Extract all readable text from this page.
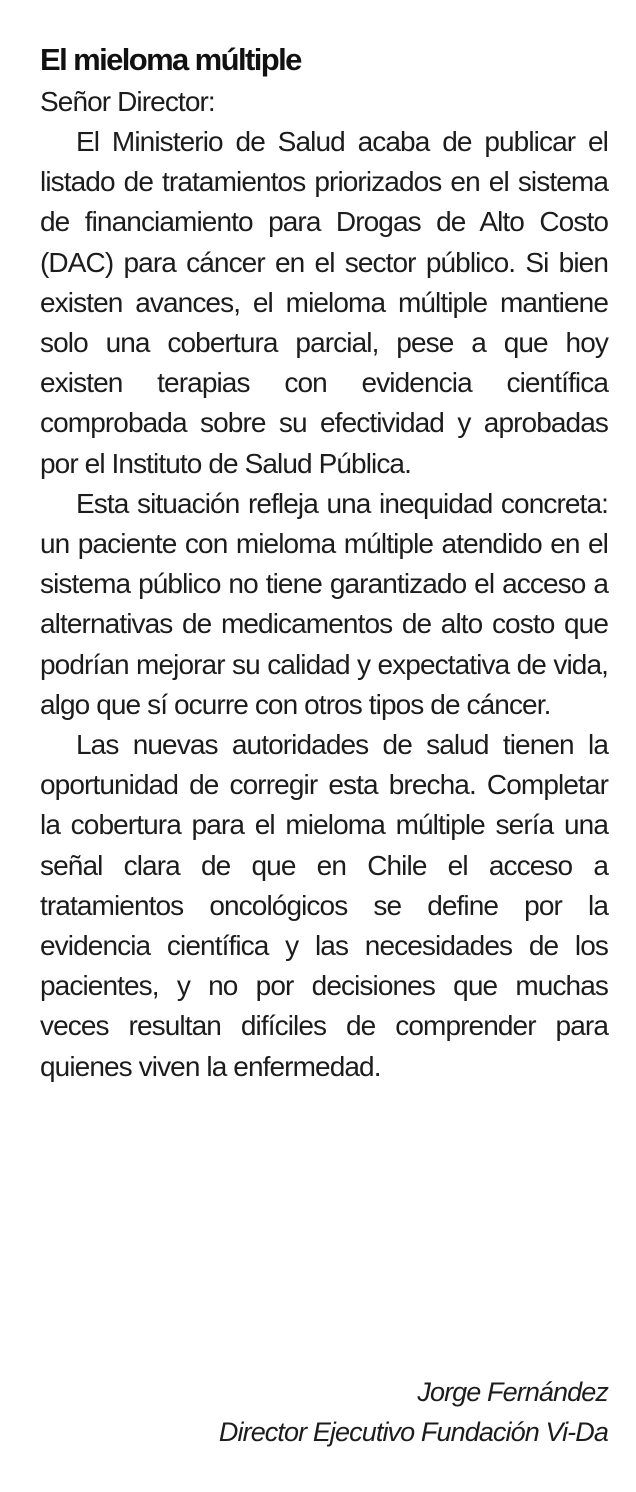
El mieloma múltiple

Señor Director:

El Ministerio de Salud acaba de publicar el listado de tratamientos priorizados en el sistema de financiamiento para Drogas de Alto Costo (DAC) para cáncer en el sector público. Si bien existen avances, el mieloma múltiple mantiene solo una cobertura parcial, pese a que hoy existen terapias con evidencia científica comprobada sobre su efectividad y aprobadas por el Instituto de Salud Pública.

Esta situación refleja una inequidad concreta: un paciente con mieloma múltiple atendido en el sistema público no tiene garantizado el acceso a alternativas de medicamentos de alto costo que podrían mejorar su calidad y expectativa de vida, algo que sí ocurre con otros tipos de cáncer.

Las nuevas autoridades de salud tienen la oportunidad de corregir esta brecha. Completar la cobertura para el mieloma múltiple sería una señal clara de que en Chile el acceso a tratamientos oncológicos se define por la evidencia científica y las necesidades de los pacientes, y no por decisiones que muchas veces resultan difíciles de comprender para quienes viven la enfermedad.

Jorge Fernández
Director Ejecutivo Fundación Vi-Da
